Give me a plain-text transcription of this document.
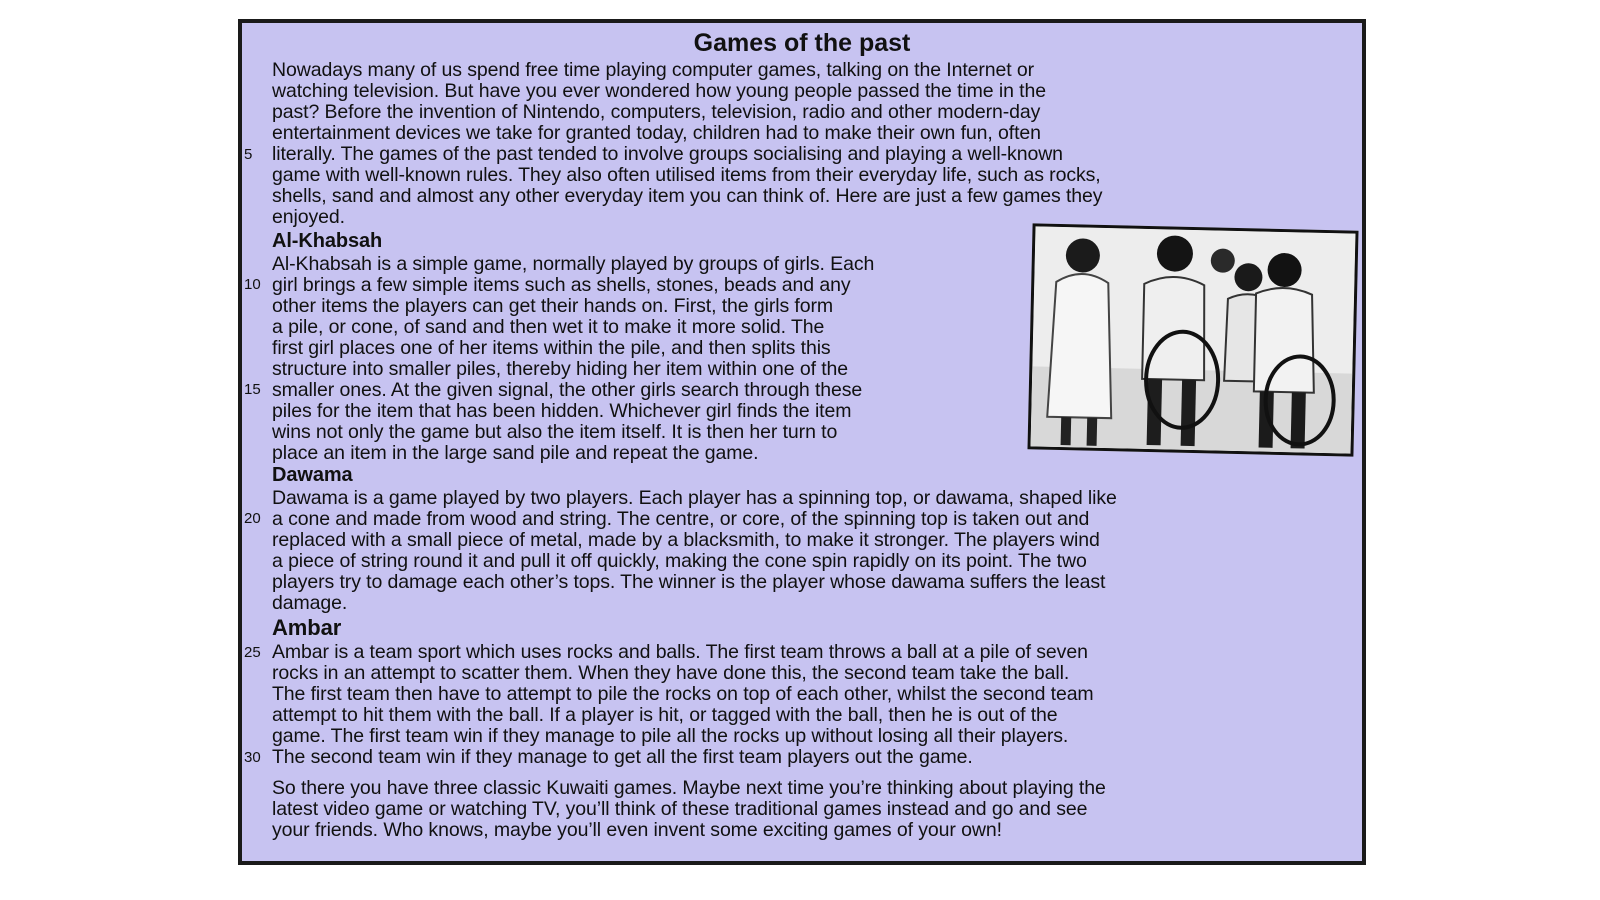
Games of the past
Nowadays many of us spend free time playing computer games, talking on the Internet or
watching television. But have you ever wondered how young people passed the time in the
past? Before the invention of Nintendo, computers, television, radio and other modern-day
entertainment devices we take for granted today, children had to make their own fun, often
5 literally. The games of the past tended to involve groups socialising and playing a well-known
game with well-known rules. They also often utilised items from their everyday life, such as rocks,
shells, sand and almost any other everyday item you can think of. Here are just a few games they
enjoyed.
Al-Khabsah
Al-Khabsah is a simple game, normally played by groups of girls. Each
10 girl brings a few simple items such as shells, stones, beads and any
other items the players can get their hands on. First, the girls form
a pile, or cone, of sand and then wet it to make it more solid. The
first girl places one of her items within the pile, and then splits this
structure into smaller piles, thereby hiding her item within one of the
15 smaller ones. At the given signal, the other girls search through these
piles for the item that has been hidden. Whichever girl finds the item
wins not only the game but also the item itself. It is then her turn to
place an item in the large sand pile and repeat the game.
Dawama
Dawama is a game played by two players. Each player has a spinning top, or dawama, shaped like
20 a cone and made from wood and string. The centre, or core, of the spinning top is taken out and
replaced with a small piece of metal, made by a blacksmith, to make it stronger. The players wind
a piece of string round it and pull it off quickly, making the cone spin rapidly on its point. The two
players try to damage each other’s tops. The winner is the player whose dawama suffers the least
damage.
Ambar
25 Ambar is a team sport which uses rocks and balls. The first team throws a ball at a pile of seven
rocks in an attempt to scatter them. When they have done this, the second team take the ball.
The first team then have to attempt to pile the rocks on top of each other, whilst the second team
attempt to hit them with the ball. If a player is hit, or tagged with the ball, then he is out of the
game. The first team win if they manage to pile all the rocks up without losing all their players.
30 The second team win if they manage to get all the first team players out the game.
So there you have three classic Kuwaiti games. Maybe next time you’re thinking about playing the
latest video game or watching TV, you’ll think of these traditional games instead and go and see
your friends. Who knows, maybe you’ll even invent some exciting games of your own!
